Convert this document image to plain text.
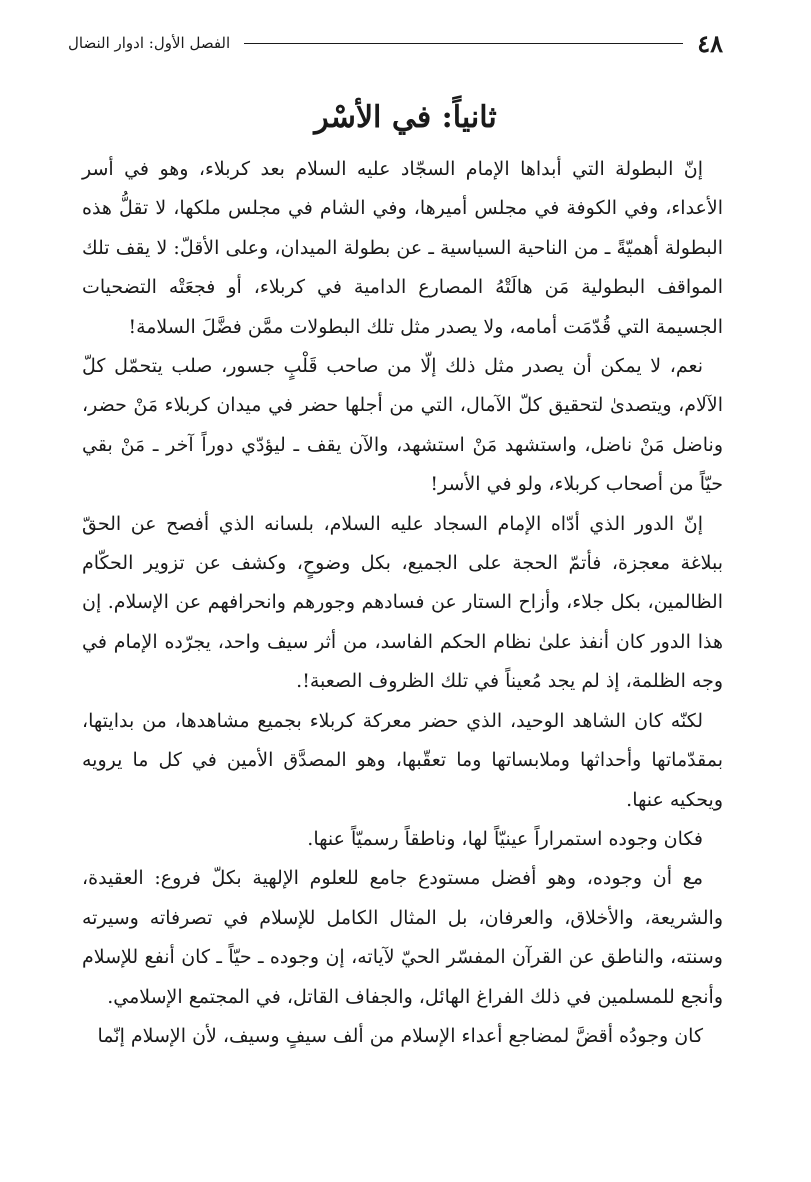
٤٨
الفصل الأول: ادوار النضال
ثانياً: في الأسْر

إنّ البطولة التي أبداها الإمام السجّاد عليه السلام بعد كربلاء، وهو في أسر الأعداء، وفي الكوفة في مجلس أميرها، وفي الشام في مجلس ملكها، لا تقلُّ هذه البطولة أهميّةً ـ من الناحية السياسية ـ عن بطولة الميدان، وعلى الأقلّ: لا يقف تلك المواقف البطولية مَن هالَتْهُ المصارع الدامية في كربلاء، أو فجعَتْه التضحيات الجسيمة التي قُدّمَت أمامه، ولا يصدر مثل تلك البطولات ممَّن فضَّلَ السلامة!

نعم، لا يمكن أن يصدر مثل ذلك إلّا من صاحب قَلْبٍ جسور، صلب يتحمّل كلّ الآلام، ويتصدىٰ لتحقيق كلّ الآمال، التي من أجلها حضر في ميدان كربلاء مَنْ حضر، وناضل مَنْ ناضل، واستشهد مَنْ استشهد، والآن يقف ـ ليؤدّي دوراً آخر ـ مَنْ بقي حيّاً من أصحاب كربلاء، ولو في الأسر!

إنّ الدور الذي أدّاه الإمام السجاد عليه السلام، بلسانه الذي أفصح عن الحقّ ببلاغة معجزة، فأتمّ الحجة على الجميع، بكل وضوحٍ، وكشف عن تزوير الحكّام الظالمين، بكل جلاء، وأزاح الستار عن فسادهم وجورهم وانحرافهم عن الإسلام. إن هذا الدور كان أنفذ علىٰ نظام الحكم الفاسد، من أثر سيف واحد، يجرّده الإمام في وجه الظلمة، إذ لم يجد مُعيناً في تلك الظروف الصعبة!.

لكنّه كان الشاهد الوحيد، الذي حضر معركة كربلاء بجميع مشاهدها، من بدايتها، بمقدّماتها وأحداثها وملابساتها وما تعقّبها، وهو المصدَّق الأمين في كل ما يرويه ويحكيه عنها.

فكان وجوده استمراراً عينيّاً لها، وناطقاً رسميّاً عنها.

مع أن وجوده، وهو أفضل مستودع جامع للعلوم الإلهية بكلّ فروع: العقيدة، والشريعة، والأخلاق، والعرفان، بل المثال الكامل للإسلام في تصرفاته وسيرته وسنته، والناطق عن القرآن المفسّر الحيّ لآياته، إن وجوده ـ حيّاً ـ كان أنفع للإسلام وأنجع للمسلمين في ذلك الفراغ الهائل، والجفاف القاتل، في المجتمع الإسلامي.

كان وجودُه أقضَّ لمضاجع أعداء الإسلام من ألف سيفٍ وسيف، لأن الإسلام إنّما
